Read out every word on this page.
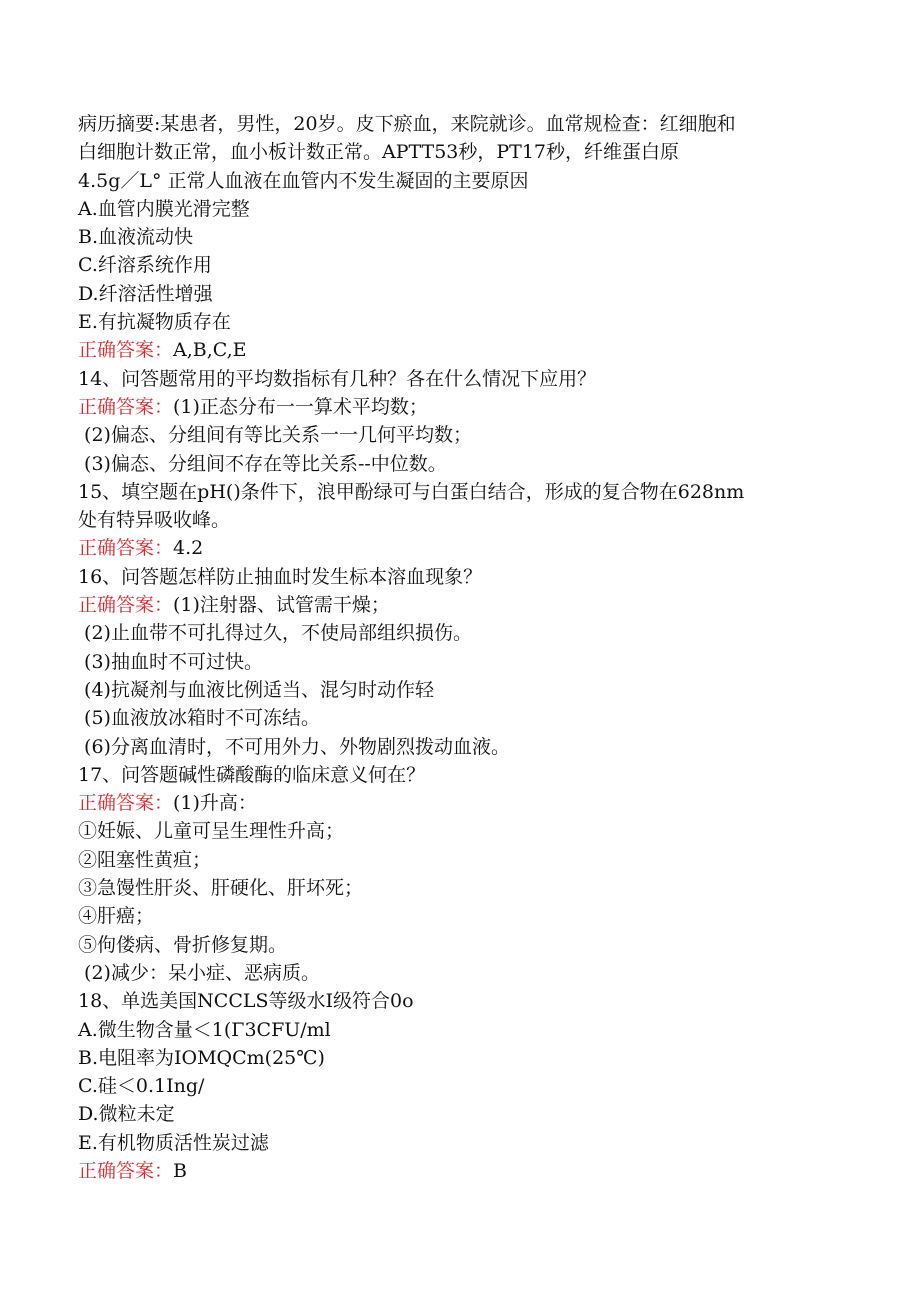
病历摘要:某患者，男性，20岁。皮下瘀血，来院就诊。血常规检查：红细胞和
白细胞计数正常，血小板计数正常。APTT53秒，PT17秒，纤维蛋白原
4.5g／L° 正常人血液在血管内不发生凝固的主要原因
A.血管内膜光滑完整
B.血液流动快
C.纤溶系统作用
D.纤溶活性增强
E.有抗凝物质存在
正确答案：A,B,C,E
14、问答题常用的平均数指标有几种？各在什么情况下应用？
正确答案：(1)正态分布一一算术平均数；
(2)偏态、分组间有等比关系一一几何平均数；
(3)偏态、分组间不存在等比关系--中位数。
15、填空题在pH()条件下，浪甲酚绿可与白蛋白结合，形成的复合物在628nm
处有特异吸收峰。
正确答案：4.2
16、问答题怎样防止抽血时发生标本溶血现象？
正确答案：(1)注射器、试管需干燥；
(2)止血带不可扎得过久，不使局部组织损伤。
(3)抽血时不可过快。
(4)抗凝剂与血液比例适当、混匀时动作轻
(5)血液放冰箱时不可冻结。
(6)分离血清时，不可用外力、外物剧烈拨动血液。
17、问答题碱性磷酸酶的临床意义何在？
正确答案：(1)升高：
①妊娠、儿童可呈生理性升高；
②阻塞性黄疸；
③急馒性肝炎、肝硬化、肝坏死；
④肝癌；
⑤佝偻病、骨折修复期。
(2)减少：呆小症、恶病质。
18、单选美国NCCLS等级水Ⅰ级符合0o
A.微生物含量＜1(Γ3CFU/ml
B.电阻率为IOMQCm(25℃)
C.硅＜0.1Ing/
D.微粒未定
E.有机物质活性炭过滤
正确答案：B
